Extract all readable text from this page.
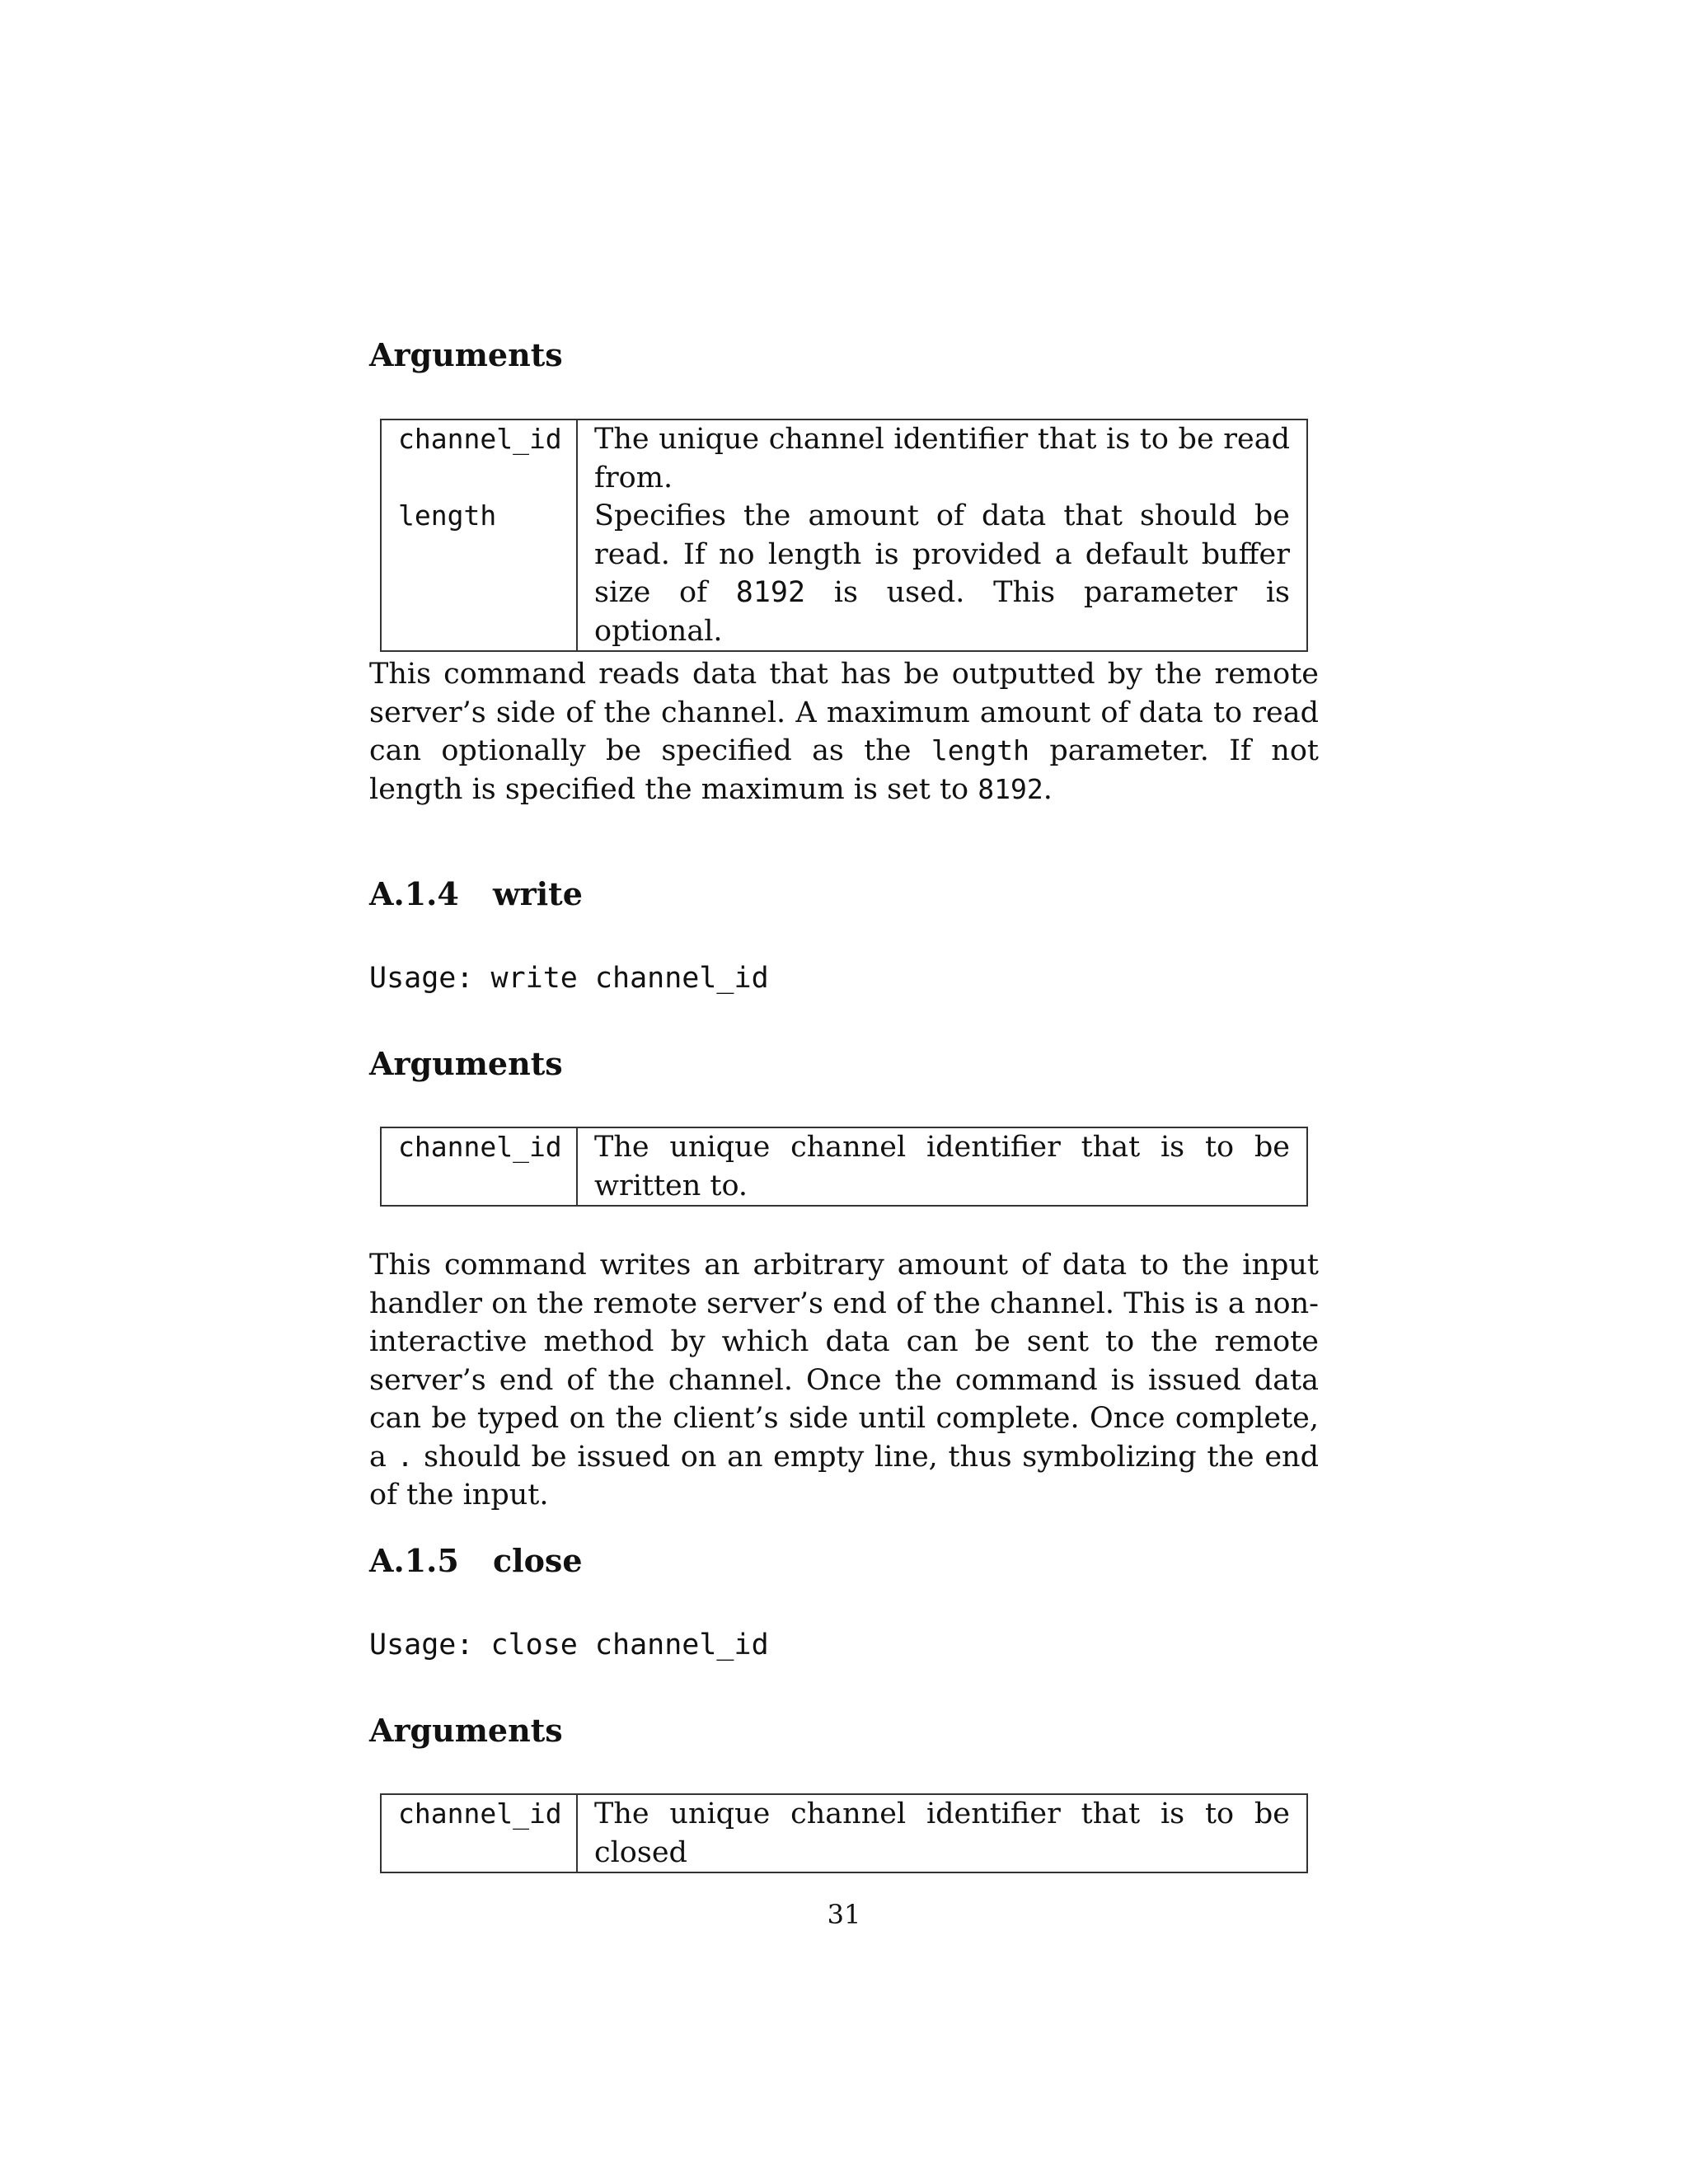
Arguments

channel_id	The unique channel identifier that is to be read from.
length	Specifies the amount of data that should be read. If no length is provided a default buffer size of 8192 is used. This parameter is optional.

This command reads data that has be outputted by the remote server’s side of the channel. A maximum amount of data to read can optionally be specified as the length parameter. If not length is specified the maximum is set to 8192.

A.1.4 write

Usage: write channel_id

Arguments

channel_id	The unique channel identifier that is to be written to.

This command writes an arbitrary amount of data to the input handler on the remote server’s end of the channel. This is a non-interactive method by which data can be sent to the remote server’s end of the channel. Once the command is issued data can be typed on the client’s side until complete. Once complete, a . should be issued on an empty line, thus symbolizing the end of the input.

A.1.5 close

Usage: close channel_id

Arguments

channel_id	The unique channel identifier that is to be closed
31
